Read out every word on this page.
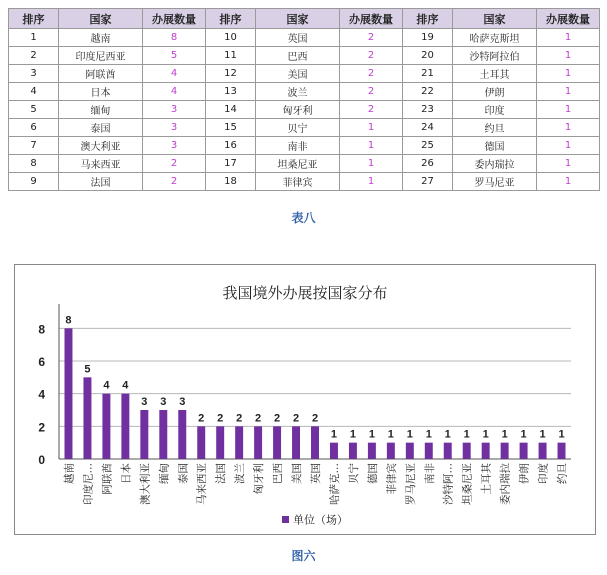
排序	国家	办展数量	排序	国家	办展数量	排序	国家	办展数量
1	越南	8	10	英国	2	19	哈萨克斯坦	1
2	印度尼西亚	5	11	巴西	2	20	沙特阿拉伯	1
3	阿联酋	4	12	美国	2	21	土耳其	1
4	日本	4	13	波兰	2	22	伊朗	1
5	缅甸	3	14	匈牙利	2	23	印度	1
6	泰国	3	15	贝宁	1	24	约旦	1
7	澳大利亚	3	16	南非	1	25	德国	1
8	马来西亚	2	17	坦桑尼亚	1	26	委内瑞拉	1
9	法国	2	18	菲律宾	1	27	罗马尼亚	1
表八
我国境外办展按国家分布
0
2
4
6
8
8
越南
5
印度尼…
4
阿联酋
4
日本
3
澳大利亚
3
缅甸
3
泰国
2
马来西亚
2
法国
2
波兰
2
匈牙利
2
巴西
2
美国
2
英国
1
哈萨克…
1
贝宁
1
德国
1
菲律宾
1
罗马尼亚
1
南非
1
沙特阿…
1
坦桑尼亚
1
土耳其
1
委内瑞拉
1
伊朗
1
印度
1
约旦
单位（场）
图六
